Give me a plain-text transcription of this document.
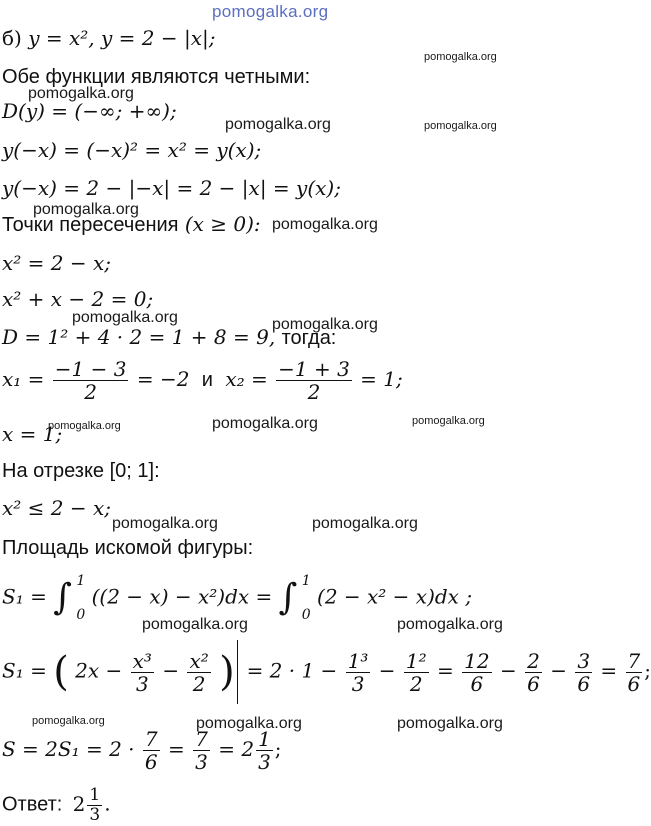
pomogalka.org
pomogalka.org
pomogalka.org
pomogalka.org	pomogalka.org
pomogalka.org
pomogalka.org
pomogalka.org	pomogalka.org
pomogalka.org	pomogalka.org	pomogalka.org
pomogalka.org	pomogalka.org
pomogalka.org	pomogalka.org
pomogalka.org	pomogalka.org	pomogalka.org
б) y = x², y = 2 − |x|;
Обе функции являются четными:
D(y) = (−∞; +∞);
y(−x) = (−x)² = x² = y(x);
y(−x) = 2 − |−x| = 2 − |x| = y(x);
Точки пересечения (x ≥ 0):
x² = 2 − x;
x² + x − 2 = 0;
D = 1² + 4 · 2 = 1 + 8 = 9, тогда:
$x_1 = \frac{-1 - 3}{2} = -2$ и $x_2 = \frac{-1 + 3}{2} = 1$;
x = 1;
На отрезке [0; 1]:
x² ≤ 2 − x;
Площадь искомой фигуры:
S₁ = ∫ 1
0
((2 − x) − x²)dx = ∫ 1
0
(2 − x² − x)dx ;
S₁ = ( $2x - \frac{\text{x³}}{3} - \frac{\text{x²}}{2}$ ) = $2 \cdot 1 - \frac{\text{1³}}{3} - \frac{\text{1²}}{2} = \frac{12}{6} - \frac{2}{6} - \frac{3}{6} = \frac{7}{6}$ ;
$S = 2S_1 = 2 \cdot \frac{7}{6} = \frac{7}{3} = 2 \frac{1}{3}$ ;
Ответ: $2 \frac{1}{3}$ .
